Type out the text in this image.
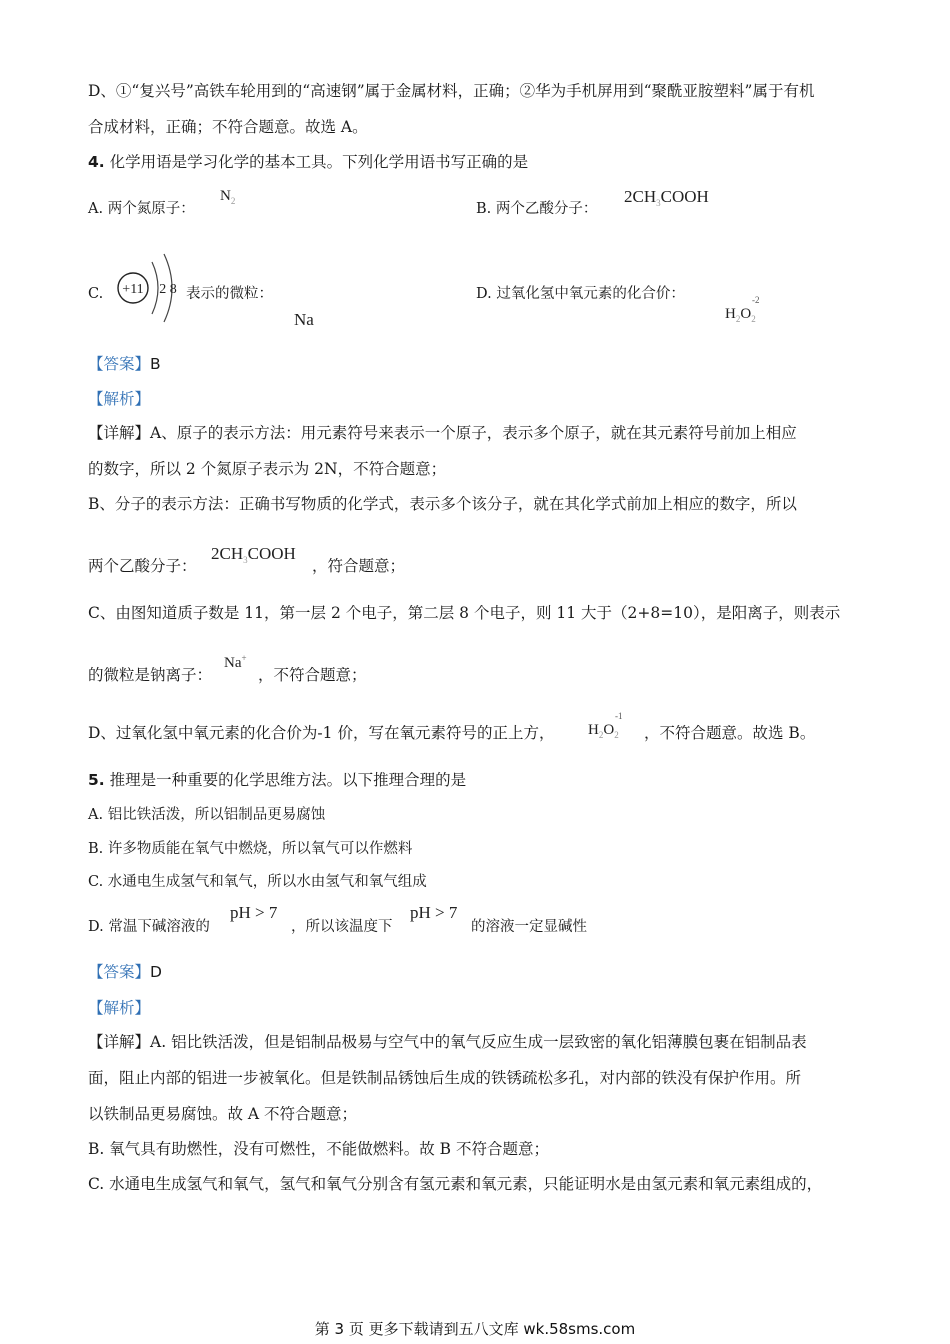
D、①“复兴号”高铁车轮用到的“高速钢”属于金属材料，正确；②华为手机屏用到“聚酰亚胺塑料”属于有机
合成材料，正确；不符合题意。故选 A。
4. 化学用语是学习化学的基本工具。下列化学用语书写正确的是
A. 两个氮原子：
$N_2$	B. 两个乙酸分子：
$2CH_3COOH$
C. +11 2 8 表示的微粒：
Na
D. 过氧化氢中氧元素的化合价：	-2
$H_2O_2$
【答案】B
【解析】
【详解】A、原子的表示方法：用元素符号来表示一个原子，表示多个原子，就在其元素符号前加上相应
的数字，所以 2 个氮原子表示为 2N，不符合题意；
B、分子的表示方法：正确书写物质的化学式，表示多个该分子，就在其化学式前加上相应的数字，所以
两个乙酸分子：
$2CH_3COOH$
，符合题意；
C、由图知道质子数是 11，第一层 2 个电子，第二层 8 个电子，则 11 大于（2+8=10），是阳离子，则表示
的微粒是钠离子：
Na+
，不符合题意；
D、过氧化氢中氧元素的化合价为-1 价，写在氧元素符号的正上方，
-1
$H_2O_2$ ，不符合题意。故选 B。
5. 推理是一种重要的化学思维方法。以下推理合理的是
A. 铝比铁活泼，所以铝制品更易腐蚀
B. 许多物质能在氧气中燃烧，所以氧气可以作燃料
C. 水通电生成氢气和氧气，所以水由氢气和氧气组成
D. 常温下碱溶液的
pH > 7
，所以该温度下
pH > 7
的溶液一定显碱性
【答案】D
【解析】
【详解】A. 铝比铁活泼，但是铝制品极易与空气中的氧气反应生成一层致密的氧化铝薄膜包裹在铝制品表
面，阻止内部的铝进一步被氧化。但是铁制品锈蚀后生成的铁锈疏松多孔，对内部的铁没有保护作用。所
以铁制品更易腐蚀。故 A 不符合题意；
B. 氧气具有助燃性，没有可燃性，不能做燃料。故 B 不符合题意；
C. 水通电生成氢气和氧气，氢气和氧气分别含有氢元素和氧元素，只能证明水是由氢元素和氧元素组成的，
第 3 页 更多下载请到五八文库 wk.58sms.com
